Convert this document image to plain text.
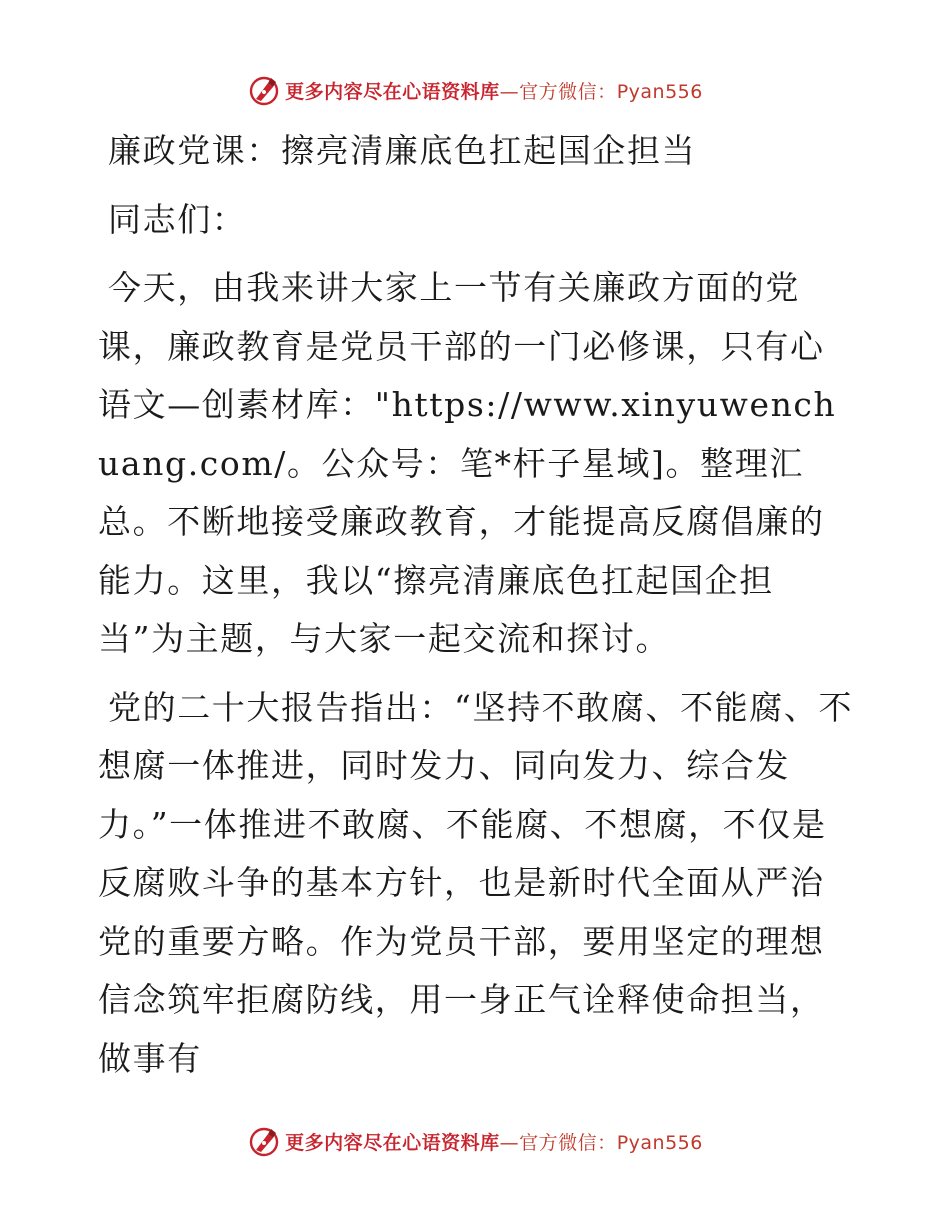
更多内容尽在心语资料库—官方微信：Pyan556

廉政党课：擦亮清廉底色扛起国企担当

同志们：

今天，由我来讲大家上一节有关廉政方面的党课，廉政教育是党员干部的一门必修课，只有心语文—创素材库："https://www.xinyuwenchuang.com/。公众号：笔*杆子星域]。整理汇总。不断地接受廉政教育，才能提高反腐倡廉的能力。这里，我以“擦亮清廉底色扛起国企担当”为主题，与大家一起交流和探讨。

党的二十大报告指出：“坚持不敢腐、不能腐、不想腐一体推进，同时发力、同向发力、综合发力。”一体推进不敢腐、不能腐、不想腐，不仅是反腐败斗争的基本方针，也是新时代全面从严治党的重要方略。作为党员干部，要用坚定的理想信念筑牢拒腐防线，用一身正气诠释使命担当，做事有

更多内容尽在心语资料库—官方微信：Pyan556
